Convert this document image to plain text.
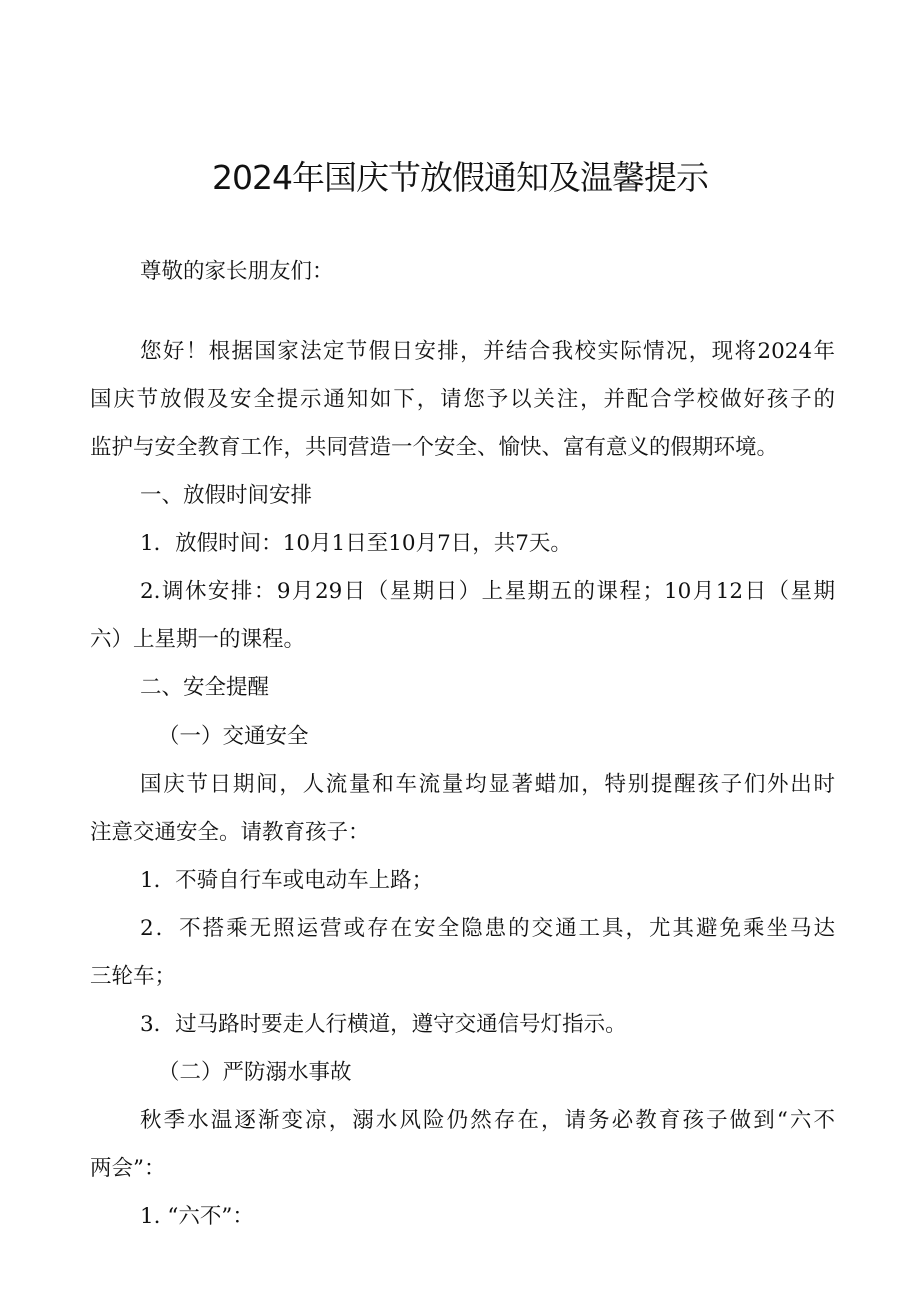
2024年国庆节放假通知及温馨提示
尊敬的家长朋友们：
您好！根据国家法定节假日安排，并结合我校实际情况，现将2024年
国庆节放假及安全提示通知如下，请您予以关注，并配合学校做好孩子的
监护与安全教育工作，共同营造一个安全、愉快、富有意义的假期环境。
一、放假时间安排
1．放假时间：10月1日至10月7日，共7天。
2.调休安排：9月29日（星期日）上星期五的课程；10月12日（星期
六）上星期一的课程。
二、安全提醒
（一）交通安全
国庆节日期间，人流量和车流量均显著蜡加，特别提醒孩子们外出时
注意交通安全。请教育孩子：
1．不骑自行车或电动车上路；
2．不搭乘无照运营或存在安全隐患的交通工具，尤其避免乘坐马达
三轮车；
3．过马路时要走人行横道，遵守交通信号灯指示。
（二）严防溺水事故
秋季水温逐渐变凉，溺水风险仍然存在，请务必教育孩子做到“六不
两会”：
1. “六不”：
